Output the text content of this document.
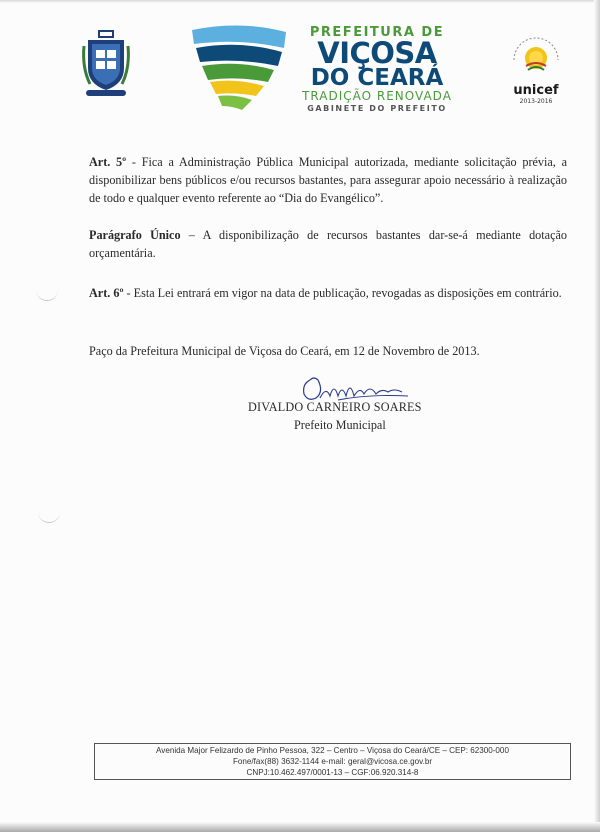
PREFEITURA DE
VIÇOSA
DO CEARÁ
TRADIÇÃO RENOVADA
GABINETE DO PREFEITO
unicef
2013-2016

Art. 5º - Fica a Administração Pública Municipal autorizada, mediante solicitação prévia, a disponibilizar bens públicos e/ou recursos bastantes, para assegurar apoio necessário à realização de todo e qualquer evento referente ao “Dia do Evangélico”.

Parágrafo Único – A disponibilização de recursos bastantes dar-se-á mediante dotação orçamentária.

Art. 6º - Esta Lei entrará em vigor na data de publicação, revogadas as disposições em contrário.

Paço da Prefeitura Municipal de Viçosa do Ceará, em 12 de Novembro de 2013.

DIVALDO CARNEIRO SOARES
Prefeito Municipal
Avenida Major Felizardo de Pinho Pessoa, 322 – Centro – Viçosa do Ceará/CE – CEP: 62300-000
Fone/fax(88) 3632-1144 e-mail: geral@vicosa.ce.gov.br
CNPJ:10.462.497/0001-13 – CGF:06.920.314-8
